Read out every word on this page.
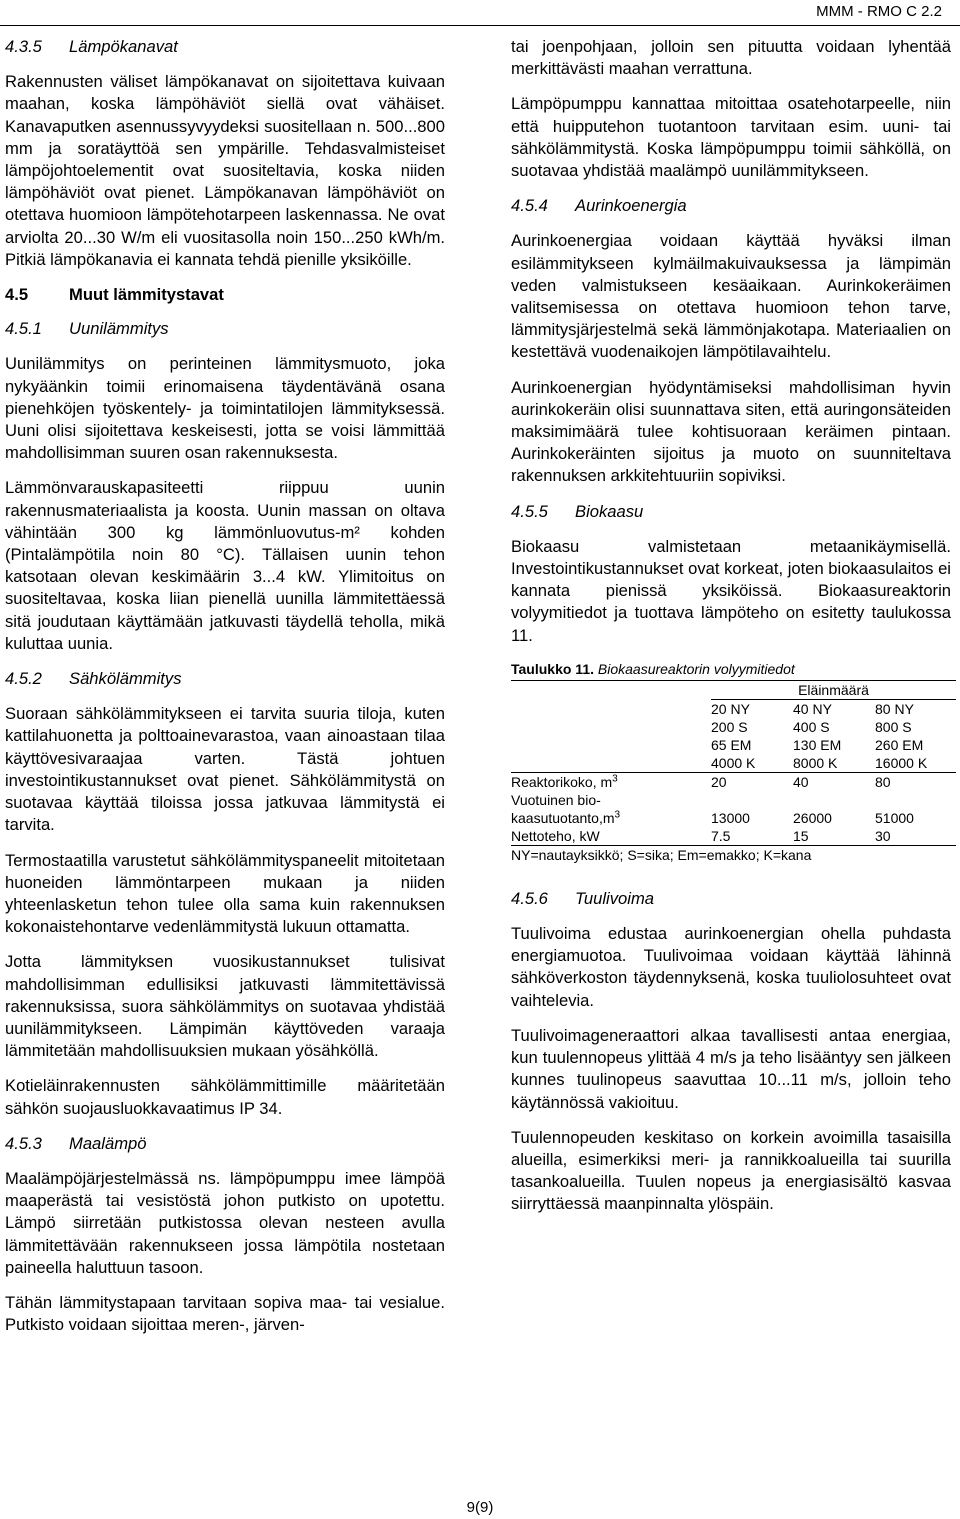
MMM - RMO C 2.2
4.3.5 Lämpökanavat

Rakennusten väliset lämpökanavat on sijoitettava kuivaan maahan, koska lämpöhäviöt siellä ovat vähäiset. Kanavaputken asennussyvyydeksi suositellaan n. 500...800 mm ja soratäyttöä sen ympärille. Tehdasvalmisteiset lämpöjohtoelementit ovat suositeltavia, koska niiden lämpöhäviöt ovat pienet. Lämpökanavan lämpöhäviöt on otettava huomioon lämpötehotarpeen laskennassa. Ne ovat arviolta 20...30 W/m eli vuositasolla noin 150...250 kWh/m. Pitkiä lämpökanavia ei kannata tehdä pienille yksiköille.

4.5 Muut lämmitystavat
4.5.1 Uunilämmitys

Uunilämmitys on perinteinen lämmitysmuoto, joka nykyäänkin toimii erinomaisena täydentävänä osana pienehköjen työskentely- ja toimintatilojen lämmityksessä. Uuni olisi sijoitettava keskeisesti, jotta se voisi lämmittää mahdollisimman suuren osan rakennuksesta.

Lämmönvarauskapasiteetti riippuu uunin rakennusmateriaalista ja koosta. Uunin massan on oltava vähintään 300 kg lämmönluovutus-m² kohden (Pintalämpötila noin 80 °C). Tällaisen uunin tehon katsotaan olevan keskimäärin 3...4 kW. Ylimitoitus on suositeltavaa, koska liian pienellä uunilla lämmitettäessä sitä joudutaan käyttämään jatkuvasti täydellä teholla, mikä kuluttaa uunia.

4.5.2 Sähkölämmitys

Suoraan sähkölämmitykseen ei tarvita suuria tiloja, kuten kattilahuonetta ja polttoainevarastoa, vaan ainoastaan tilaa käyttövesivaraajaa varten. Tästä johtuen investointikustannukset ovat pienet. Sähkölämmitystä on suotavaa käyttää tiloissa jossa jatkuvaa lämmitystä ei tarvita.

Termostaatilla varustetut sähkölämmityspaneelit mitoitetaan huoneiden lämmöntarpeen mukaan ja niiden yhteenlasketun tehon tulee olla sama kuin rakennuksen kokonaistehontarve vedenlämmitystä lukuun ottamatta.

Jotta lämmityksen vuosikustannukset tulisivat mahdollisimman edullisiksi jatkuvasti lämmitettävissä rakennuksissa, suora sähkölämmitys on suotavaa yhdistää uunilämmitykseen. Lämpimän käyttöveden varaaja lämmitetään mahdollisuuksien mukaan yösähköllä.

Kotieläinrakennusten sähkölämmittimille määritetään sähkön suojausluokkavaatimus IP 34.

4.5.3 Maalämpö

Maalämpöjärjestelmässä ns. lämpöpumppu imee lämpöä maaperästä tai vesistöstä johon putkisto on upotettu. Lämpö siirretään putkistossa olevan nesteen avulla lämmitettävään rakennukseen jossa lämpötila nostetaan paineella haluttuun tasoon.

Tähän lämmitystapaan tarvitaan sopiva maa- tai vesialue. Putkisto voidaan sijoittaa meren-, järven-

tai joenpohjaan, jolloin sen pituutta voidaan lyhentää merkittävästi maahan verrattuna.

Lämpöpumppu kannattaa mitoittaa osatehotarpeelle, niin että huipputehon tuotantoon tarvitaan esim. uuni- tai sähkölämmitystä. Koska lämpöpumppu toimii sähköllä, on suotavaa yhdistää maalämpö uunilämmitykseen.

4.5.4 Aurinkoenergia

Aurinkoenergiaa voidaan käyttää hyväksi ilman esilämmitykseen kylmäilmakuivauksessa ja lämpimän veden valmistukseen kesäaikaan. Aurinkokeräimen valitsemisessa on otettava huomioon tehon tarve, lämmitysjärjestelmä sekä lämmönjakotapa. Materiaalien on kestettävä vuodenaikojen lämpötilavaihtelu.

Aurinkoenergian hyödyntämiseksi mahdollisiman hyvin aurinkokeräin olisi suunnattava siten, että auringonsäteiden maksimimäärä tulee kohtisuoraan keräimen pintaan. Aurinkokeräinten sijoitus ja muoto on suunniteltava rakennuksen arkkitehtuuriin sopiviksi.

4.5.5 Biokaasu

Biokaasu valmistetaan metaanikäymisellä. Investointikustannukset ovat korkeat, joten biokaasulaitos ei kannata pienissä yksiköissä. Biokaasureaktorin volyymitiedot ja tuottava lämpöteho on esitetty taulukossa 11.

Taulukko 11. Biokaasureaktorin volyymitiedot
	Eläinmäärä		
	20 NY	40 NY	80 NY
	200 S	400 S	800 S
	65 EM	130 EM	260 EM
	4000 K	8000 K	16000 K
Reaktorikoko, $m^3$	20	40	80
Vuotuinen bio-
$kaasutuotanto,m^3$	13000	26000	51000
Nettoteho, kW	7.5	15	30
NY=nautayksikkö; S=sika; Em=emakko; K=kana
4.5.6 Tuulivoima

Tuulivoima edustaa aurinkoenergian ohella puhdasta energiamuotoa. Tuulivoimaa voidaan käyttää lähinnä sähköverkoston täydennyksenä, koska tuuliolosuhteet ovat vaihtelevia.

Tuulivoimageneraattori alkaa tavallisesti antaa energiaa, kun tuulennopeus ylittää 4 m/s ja teho lisääntyy sen jälkeen kunnes tuulinopeus saavuttaa 10...11 m/s, jolloin teho käytännössä vakioituu.

Tuulennopeuden keskitaso on korkein avoimilla tasaisilla alueilla, esimerkiksi meri- ja rannikkoalueilla tai suurilla tasankoalueilla. Tuulen nopeus ja energiasisältö kasvaa siirryttäessä maanpinnalta ylöspäin.

9(9)
